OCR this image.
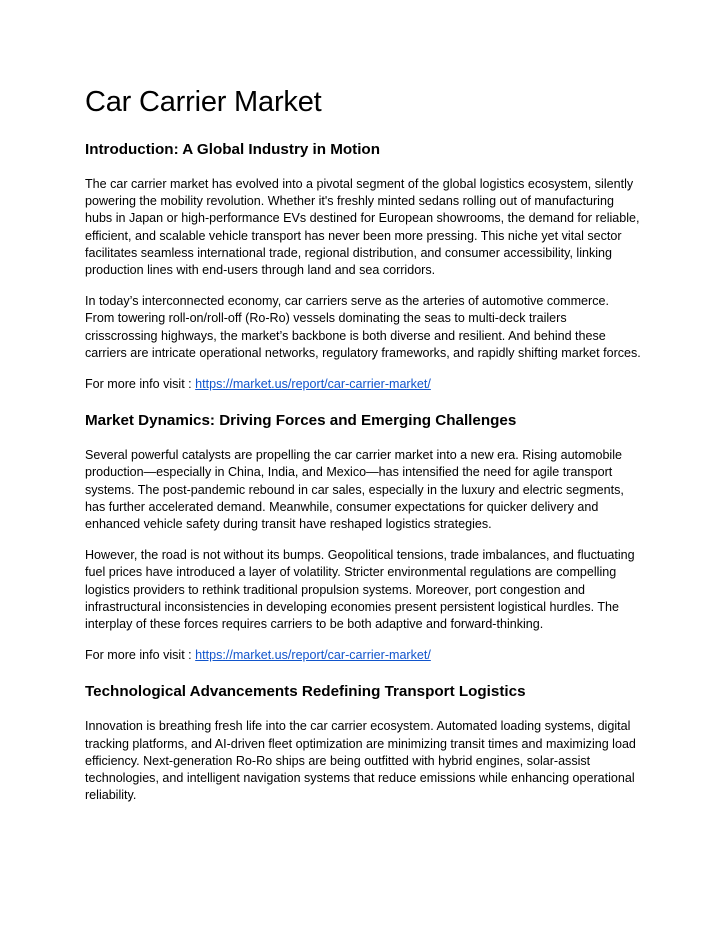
Car Carrier Market
Introduction: A Global Industry in Motion

The car carrier market has evolved into a pivotal segment of the global logistics ecosystem, silently powering the mobility revolution. Whether it's freshly minted sedans rolling out of manufacturing hubs in Japan or high-performance EVs destined for European showrooms, the demand for reliable, efficient, and scalable vehicle transport has never been more pressing. This niche yet vital sector facilitates seamless international trade, regional distribution, and consumer accessibility, linking production lines with end-users through land and sea corridors.

In today’s interconnected economy, car carriers serve as the arteries of automotive commerce. From towering roll-on/roll-off (Ro-Ro) vessels dominating the seas to multi-deck trailers crisscrossing highways, the market’s backbone is both diverse and resilient. And behind these carriers are intricate operational networks, regulatory frameworks, and rapidly shifting market forces.

For more info visit : https://market.us/report/car-carrier-market/

Market Dynamics: Driving Forces and Emerging Challenges

Several powerful catalysts are propelling the car carrier market into a new era. Rising automobile production—especially in China, India, and Mexico—has intensified the need for agile transport systems. The post-pandemic rebound in car sales, especially in the luxury and electric segments, has further accelerated demand. Meanwhile, consumer expectations for quicker delivery and enhanced vehicle safety during transit have reshaped logistics strategies.

However, the road is not without its bumps. Geopolitical tensions, trade imbalances, and fluctuating fuel prices have introduced a layer of volatility. Stricter environmental regulations are compelling logistics providers to rethink traditional propulsion systems. Moreover, port congestion and infrastructural inconsistencies in developing economies present persistent logistical hurdles. The interplay of these forces requires carriers to be both adaptive and forward-thinking.

For more info visit : https://market.us/report/car-carrier-market/

Technological Advancements Redefining Transport Logistics

Innovation is breathing fresh life into the car carrier ecosystem. Automated loading systems, digital tracking platforms, and AI-driven fleet optimization are minimizing transit times and maximizing load efficiency. Next-generation Ro-Ro ships are being outfitted with hybrid engines, solar-assist technologies, and intelligent navigation systems that reduce emissions while enhancing operational reliability.
